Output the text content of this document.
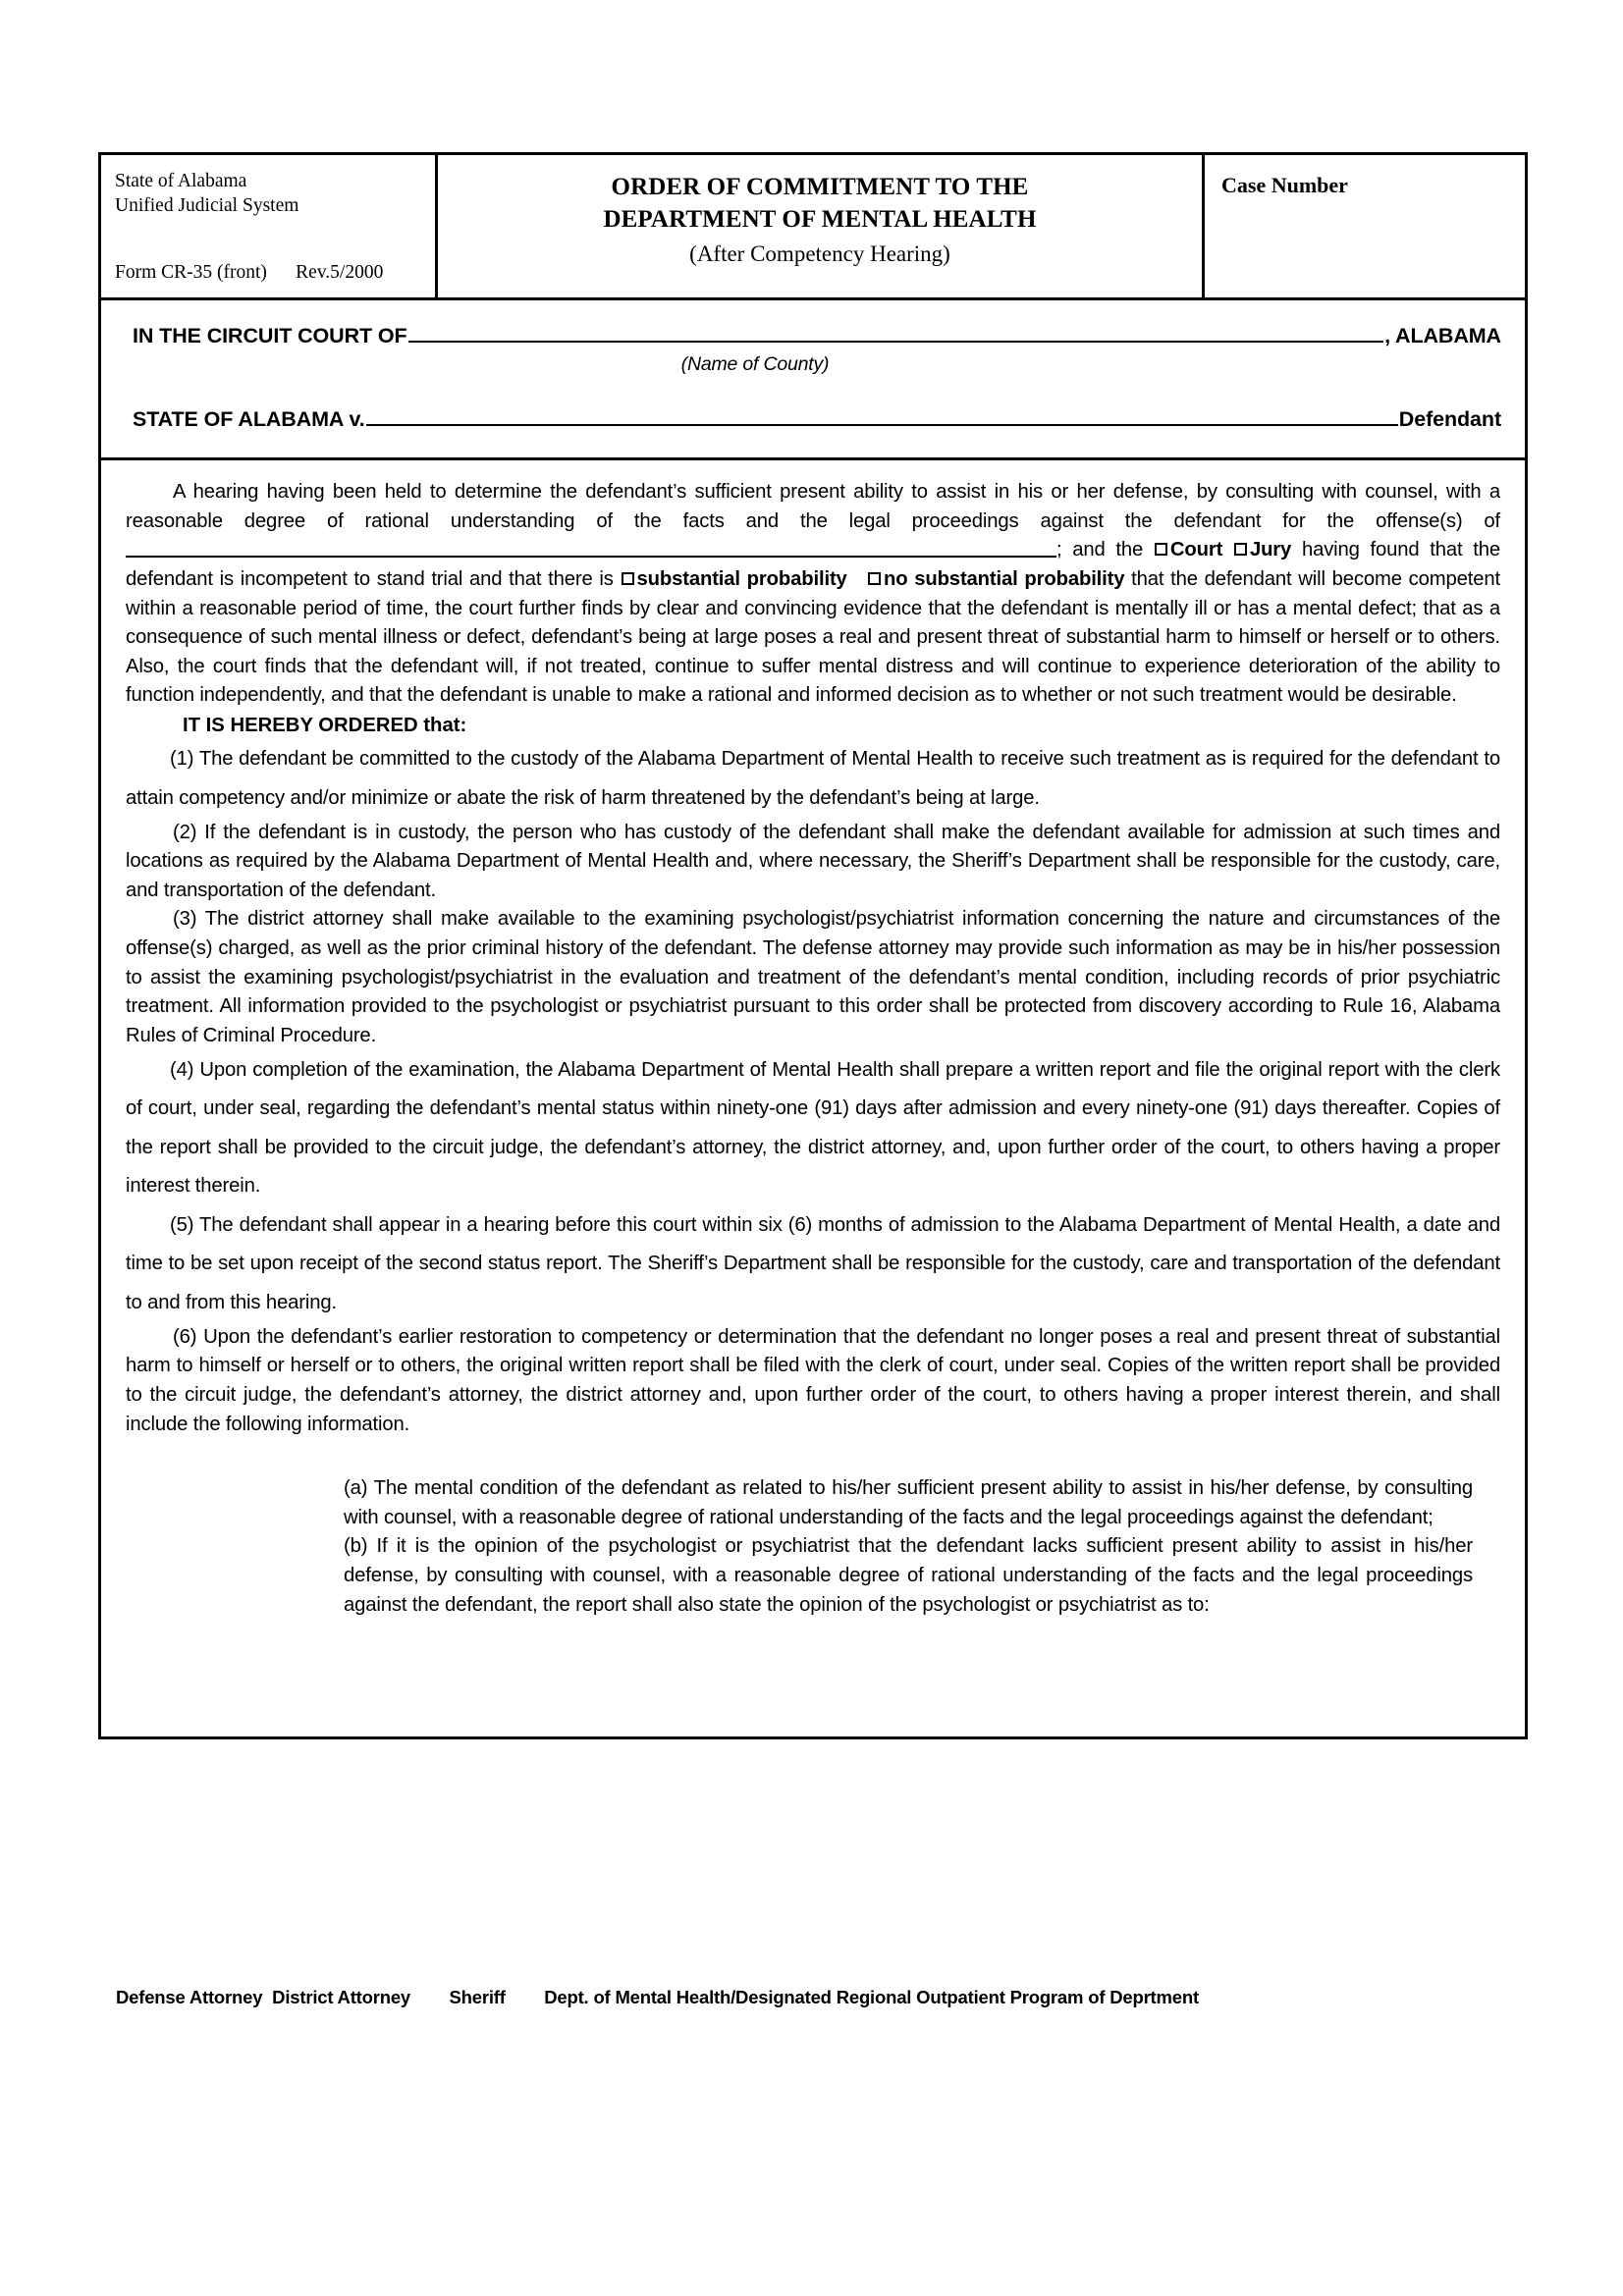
State of Alabama
Unified Judicial System
Form CR-35 (front)      Rev.5/2000
ORDER OF COMMITMENT TO THE
DEPARTMENT OF MENTAL HEALTH
(After Competency Hearing)
Case Number
IN THE CIRCUIT COURT OF	, ALABAMA
(Name of County)
STATE OF ALABAMA v.	Defendant

A hearing having been held to determine the defendant’s sufficient present ability to assist in his or her defense, by consulting with counsel, with a reasonable degree of rational understanding of the facts and the legal proceedings against the defendant for the offense(s) of; and the Court Jury having found that the defendant is incompetent to stand trial and that there is substantial probability no substantial probability that the defendant will become competent within a reasonable period of time, the court further finds by clear and convincing evidence that the defendant is mentally ill or has a mental defect; that as a consequence of such mental illness or defect, defendant’s being at large poses a real and present threat of substantial harm to himself or herself or to others. Also, the court finds that the defendant will, if not treated, continue to suffer mental distress and will continue to experience deterioration of the ability to function independently, and that the defendant is unable to make a rational and informed decision as to whether or not such treatment would be desirable.

IT IS HEREBY ORDERED that:

(1) The defendant be committed to the custody of the Alabama Department of Mental Health to receive such treatment as is required for the defendant to attain competency and/or minimize or abate the risk of harm threatened by the defendant’s being at large.

(2) If the defendant is in custody, the person who has custody of the defendant shall make the defendant available for admission at such times and locations as required by the Alabama Department of Mental Health and, where necessary, the Sheriff’s Department shall be responsible for the custody, care, and transportation of the defendant.

(3) The district attorney shall make available to the examining psychologist/psychiatrist information concerning the nature and circumstances of the offense(s) charged, as well as the prior criminal history of the defendant. The defense attorney may provide such information as may be in his/her possession to assist the examining psychologist/psychiatrist in the evaluation and treatment of the defendant’s mental condition, including records of prior psychiatric treatment. All information provided to the psychologist or psychiatrist pursuant to this order shall be protected from discovery according to Rule 16, Alabama Rules of Criminal Procedure.

(4) Upon completion of the examination, the Alabama Department of Mental Health shall prepare a written report and file the original report with the clerk of court, under seal, regarding the defendant’s mental status within ninety-one (91) days after admission and every ninety-one (91) days thereafter. Copies of the report shall be provided to the circuit judge, the defendant’s attorney, the district attorney, and, upon further order of the court, to others having a proper interest therein.

(5) The defendant shall appear in a hearing before this court within six (6) months of admission to the Alabama Department of Mental Health, a date and time to be set upon receipt of the second status report. The Sheriff’s Department shall be responsible for the custody, care and transportation of the defendant to and from this hearing.

(6) Upon the defendant’s earlier restoration to competency or determination that the defendant no longer poses a real and present threat of substantial harm to himself or herself or to others, the original written report shall be filed with the clerk of court, under seal. Copies of the written report shall be provided to the circuit judge, the defendant’s attorney, the district attorney and, upon further order of the court, to others having a proper interest therein, and shall include the following information.

(a) The mental condition of the defendant as related to his/her sufficient present ability to assist in his/her defense, by consulting with counsel, with a reasonable degree of rational understanding of the facts and the legal proceedings against the defendant;

(b) If it is the opinion of the psychologist or psychiatrist that the defendant lacks sufficient present ability to assist in his/her defense, by consulting with counsel, with a reasonable degree of rational understanding of the facts and the legal proceedings against the defendant, the report shall also state the opinion of the psychologist or psychiatrist as to:

Defense Attorney  District Attorney        Sheriff        Dept. of Mental Health/Designated Regional Outpatient Program of Deprtment
